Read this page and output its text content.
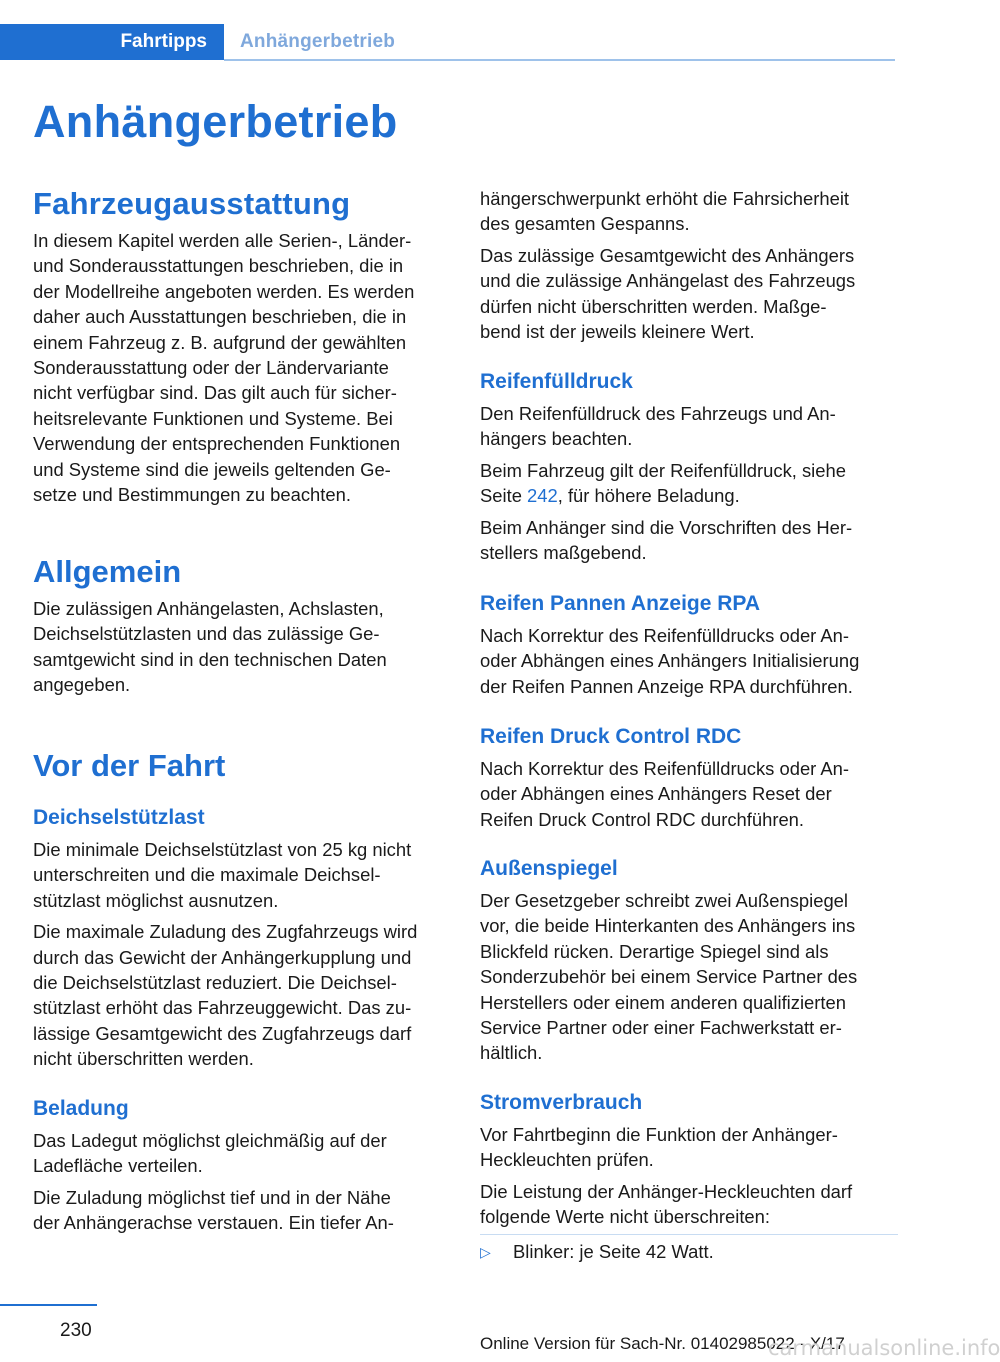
Fahrtipps	Anhängerbetrieb
Anhängerbetrieb
Fahrzeugausstattung
In diesem Kapitel werden alle Serien-, Länder-
und Sonderausstattungen beschrieben, die in
der Modellreihe angeboten werden. Es werden
daher auch Ausstattungen beschrieben, die in
einem Fahrzeug z. B. aufgrund der gewählten
Sonderausstattung oder der Ländervariante
nicht verfügbar sind. Das gilt auch für sicher-
heitsrelevante Funktionen und Systeme. Bei
Verwendung der entsprechenden Funktionen
und Systeme sind die jeweils geltenden Ge-
setze und Bestimmungen zu beachten.
Allgemein
Die zulässigen Anhängelasten, Achslasten,
Deichselstützlasten und das zulässige Ge-
samtgewicht sind in den technischen Daten
angegeben.
Vor der Fahrt
Deichselstützlast
Die minimale Deichselstützlast von 25 kg nicht
unterschreiten und die maximale Deichsel-
stützlast möglichst ausnutzen.
Die maximale Zuladung des Zugfahrzeugs wird
durch das Gewicht der Anhängerkupplung und
die Deichselstützlast reduziert. Die Deichsel-
stützlast erhöht das Fahrzeuggewicht. Das zu-
lässige Gesamtgewicht des Zugfahrzeugs darf
nicht überschritten werden.
Beladung
Das Ladegut möglichst gleichmäßig auf der
Ladefläche verteilen.
Die Zuladung möglichst tief und in der Nähe
der Anhängerachse verstauen. Ein tiefer An-
hängerschwerpunkt erhöht die Fahrsicherheit
des gesamten Gespanns.
Das zulässige Gesamtgewicht des Anhängers
und die zulässige Anhängelast des Fahrzeugs
dürfen nicht überschritten werden. Maßge-
bend ist der jeweils kleinere Wert.
Reifenfülldruck
Den Reifenfülldruck des Fahrzeugs und An-
hängers beachten.
Beim Fahrzeug gilt der Reifenfülldruck, siehe
Seite 242, für höhere Beladung.
Beim Anhänger sind die Vorschriften des Her-
stellers maßgebend.
Reifen Pannen Anzeige RPA
Nach Korrektur des Reifenfülldrucks oder An-
oder Abhängen eines Anhängers Initialisierung
der Reifen Pannen Anzeige RPA durchführen.
Reifen Druck Control RDC
Nach Korrektur des Reifenfülldrucks oder An-
oder Abhängen eines Anhängers Reset der
Reifen Druck Control RDC durchführen.
Außenspiegel
Der Gesetzgeber schreibt zwei Außenspiegel
vor, die beide Hinterkanten des Anhängers ins
Blickfeld rücken. Derartige Spiegel sind als
Sonderzubehör bei einem Service Partner des
Herstellers oder einem anderen qualifizierten
Service Partner oder einer Fachwerkstatt er-
hältlich.
Stromverbrauch
Vor Fahrtbeginn die Funktion der Anhänger-
Heckleuchten prüfen.
Die Leistung der Anhänger-Heckleuchten darf
folgende Werte nicht überschreiten:
▷	Blinker: je Seite 42 Watt.
230
Online Version für Sach-Nr. 01402985022 - X/17
carmanualsonline.info
